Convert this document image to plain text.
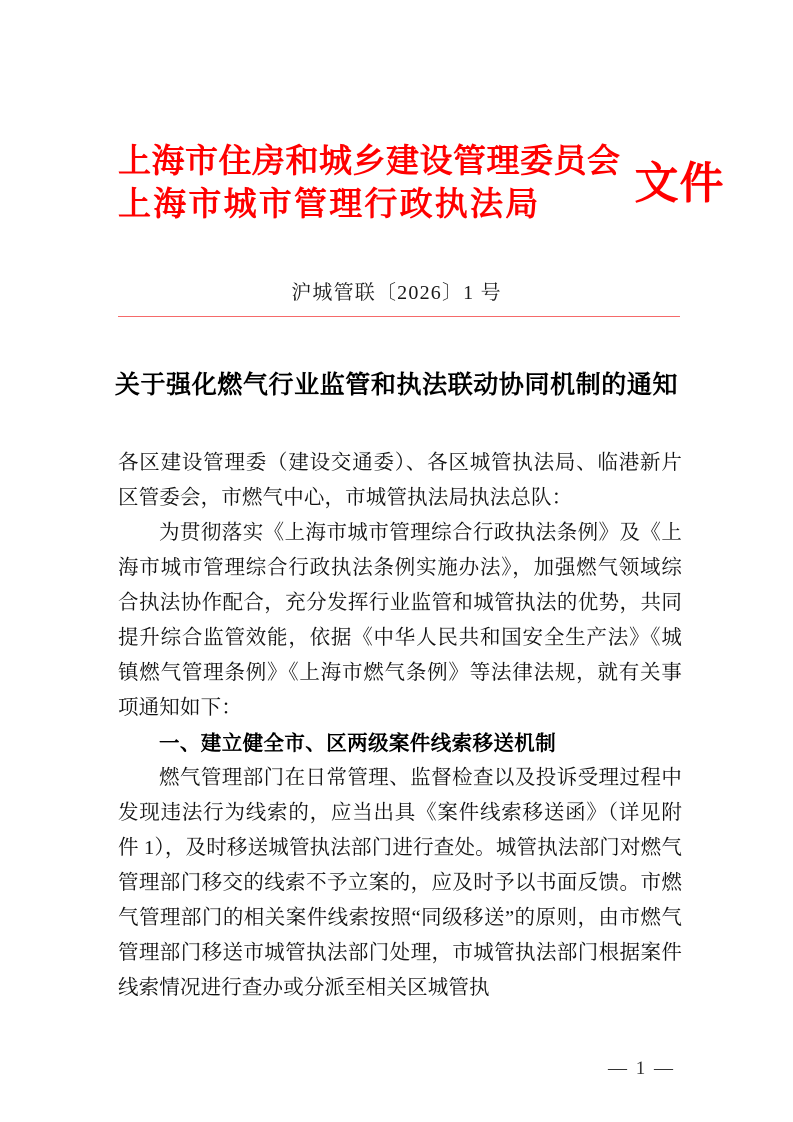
上海市住房和城乡建设管理委员会
上海市城市管理行政执法局	文件
沪城管联〔2026〕1 号
关于强化燃气行业监管和执法联动协同机制的通知

各区建设管理委（建设交通委）、各区城管执法局、临港新片区管委会，市燃气中心，市城管执法局执法总队：

为贯彻落实《上海市城市管理综合行政执法条例》及《上海市城市管理综合行政执法条例实施办法》，加强燃气领域综合执法协作配合，充分发挥行业监管和城管执法的优势，共同提升综合监管效能，依据《中华人民共和国安全生产法》《城镇燃气管理条例》《上海市燃气条例》等法律法规，就有关事项通知如下：

一、建立健全市、区两级案件线索移送机制

燃气管理部门在日常管理、监督检查以及投诉受理过程中发现违法行为线索的，应当出具《案件线索移送函》（详见附件 1），及时移送城管执法部门进行查处。城管执法部门对燃气管理部门移交的线索不予立案的，应及时予以书面反馈。市燃气管理部门的相关案件线索按照“同级移送”的原则，由市燃气管理部门移送市城管执法部门处理，市城管执法部门根据案件线索情况进行查办或分派至相关区城管执

— 1 —
